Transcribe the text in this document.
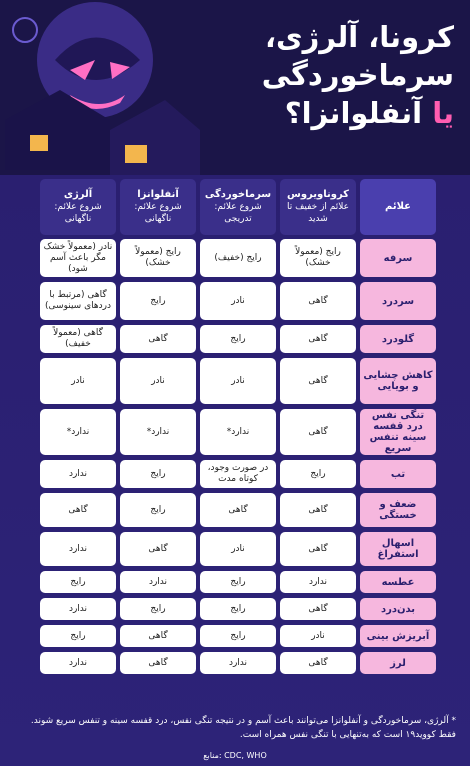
کرونا، آلرژی،
سرماخوردگی
یا آنفلوانزا؟
علائم
کروناویروس
علائم از خفیف تا شدید
سرماخوردگی
شروع علائم: تدریجی
آنفلوانزا
شروع علائم: ناگهانی
آلرژی
شروع علائم: ناگهانی
سرفه
رایج (معمولاً خشک)
رایج (خفیف)
رایج (معمولاً خشک)
نادر (معمولاً خشک مگر باعث آسم شود)
سردرد
گاهی
نادر
رایج
گاهی (مرتبط با دردهای سینوسی)
گلودرد
گاهی
رایج
گاهی
گاهی (معمولاً خفیف)
کاهش چشایی و بویایی
گاهی
نادر
نادر
نادر
تنگی نفس درد قفسه سینه تنفس سریع
گاهی
ندارد*
ندارد*
ندارد*
تب
رایج
در صورت وجود، کوتاه مدت
رایج
ندارد
ضعف و خستگی
گاهی
گاهی
رایج
گاهی
اسهال استفراغ
گاهی
نادر
گاهی
ندارد
عطسه
ندارد
رایج
ندارد
رایج
بدن‌درد
گاهی
رایج
رایج
ندارد
آبریزش بینی
نادر
رایج
گاهی
رایج
لرز
گاهی
ندارد
گاهی
ندارد
* آلرژی، سرماخوردگی و آنفلوانزا می‌توانند باعث آسم و در نتیجه تنگی نفس، درد قفسه سینه و تنفس سریع شوند. فقط کووید۱۹ است که به‌تنهایی با تنگی نفس همراه است.
منابع: CDC, WHO
